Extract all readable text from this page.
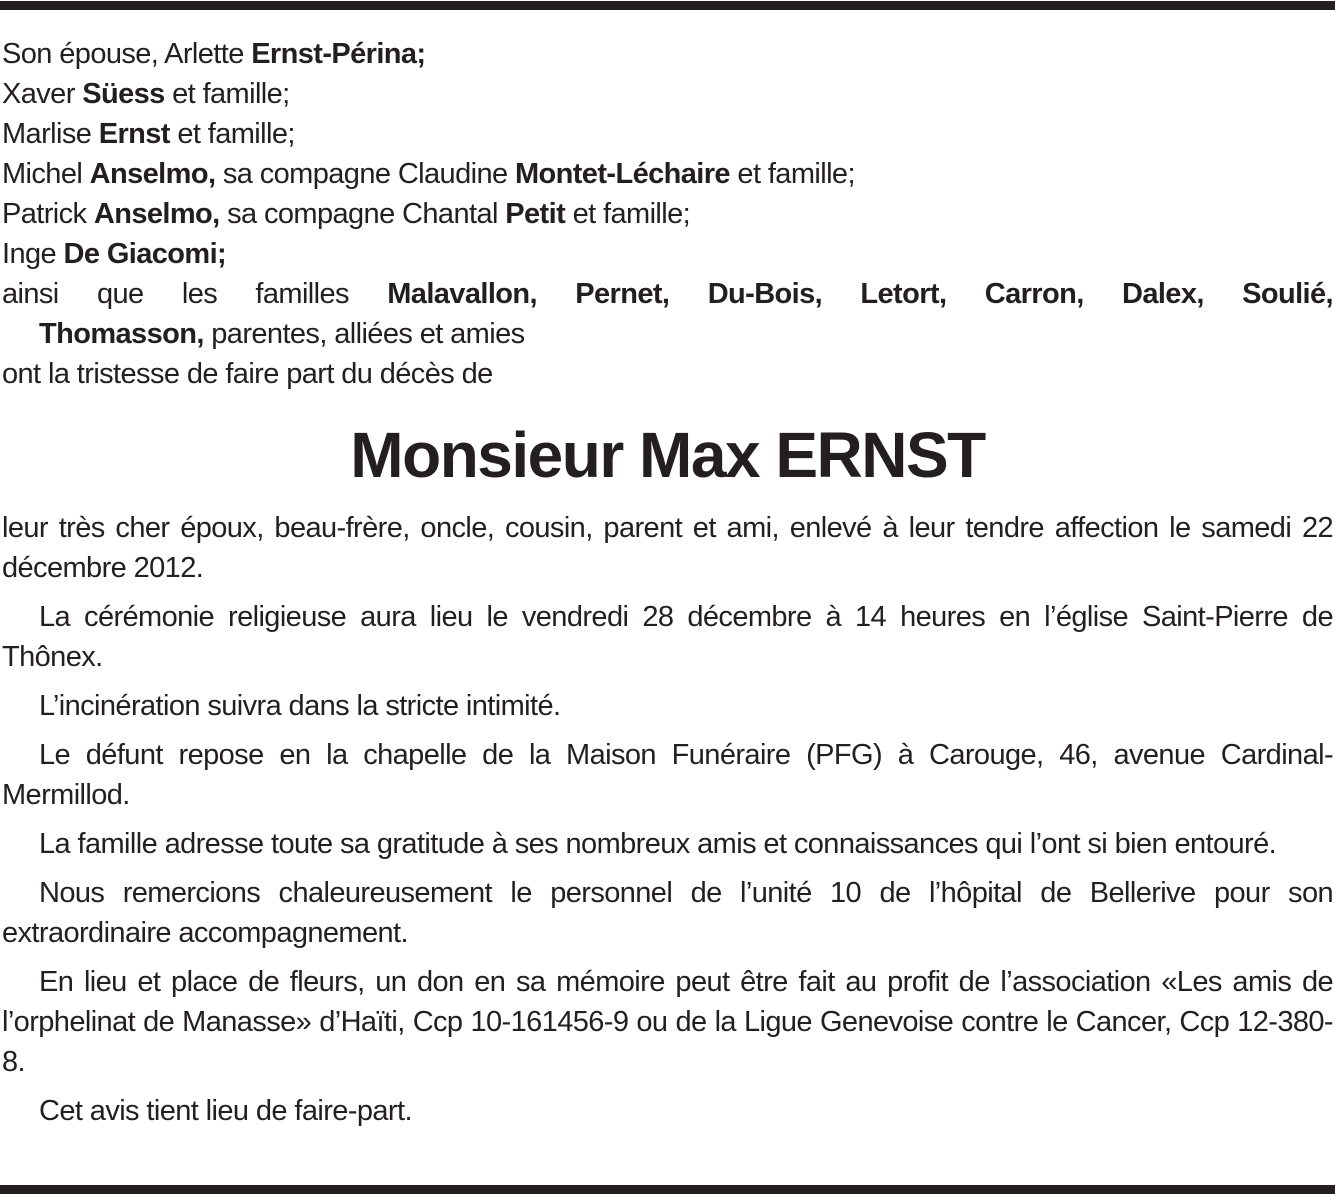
Son épouse, Arlette Ernst-Périna;
Xaver Süess et famille;
Marlise Ernst et famille;
Michel Anselmo, sa compagne Claudine Montet-Léchaire et famille;
Patrick Anselmo, sa compagne Chantal Petit et famille;
Inge De Giacomi;
ainsi que les familles Malavallon, Pernet, Du-Bois, Letort, Carron, Dalex, Soulié,
Thomasson, parentes, alliées et amies
ont la tristesse de faire part du décès de
Monsieur Max ERNST

leur très cher époux, beau-frère, oncle, cousin, parent et ami, enlevé à leur tendre affection le samedi 22 décembre 2012.

La cérémonie religieuse aura lieu le vendredi 28 décembre à 14 heures en l’église Saint-Pierre de Thônex.

L’incinération suivra dans la stricte intimité.

Le défunt repose en la chapelle de la Maison Funéraire (PFG) à Carouge, 46, avenue Cardinal-Mermillod.

La famille adresse toute sa gratitude à ses nombreux amis et connaissances qui l’ont si bien entouré.

Nous remercions chaleureusement le personnel de l’unité 10 de l’hôpital de Bellerive pour son extraordinaire accompagnement.

En lieu et place de fleurs, un don en sa mémoire peut être fait au profit de l’association «Les amis de l’orphelinat de Manasse» d’Haïti, Ccp 10-161456-9 ou de la Ligue Genevoise contre le Cancer, Ccp 12-380-8.

Cet avis tient lieu de faire-part.
